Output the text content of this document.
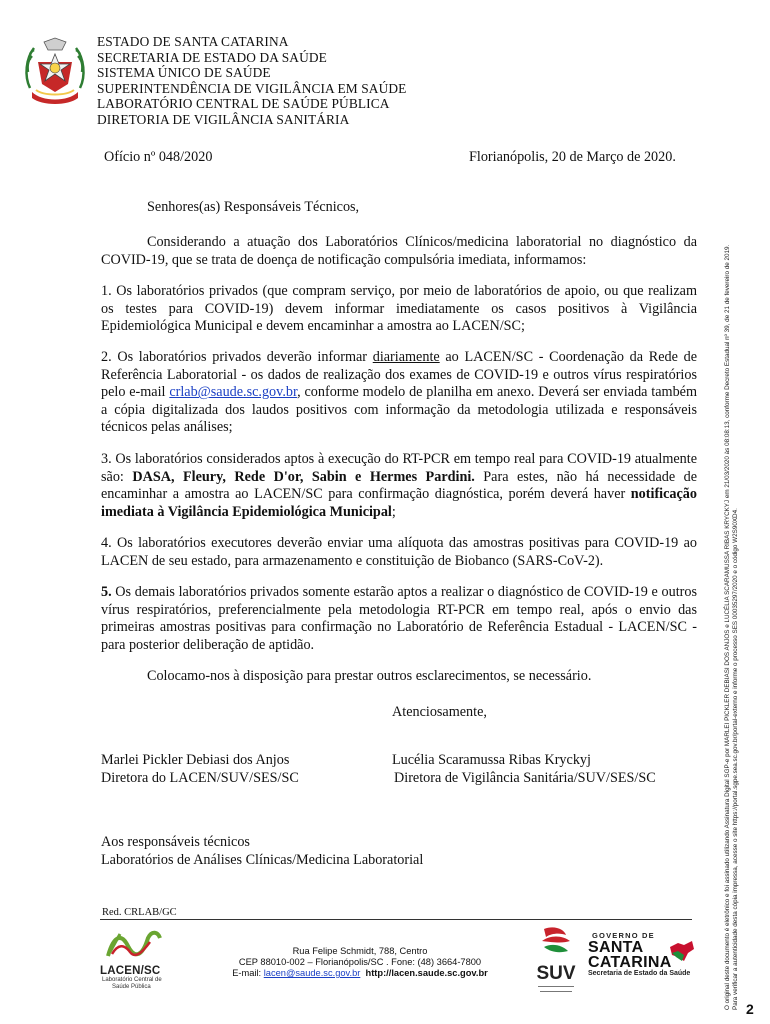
ESTADO DE SANTA CATARINA
SECRETARIA DE ESTADO DA SAÚDE
SISTEMA ÚNICO DE SAÚDE
SUPERINTENDÊNCIA DE VIGILÂNCIA EM SAÚDE
LABORATÓRIO CENTRAL DE SAÚDE PÚBLICA
DIRETORIA DE VIGILÂNCIA SANITÁRIA
Ofício nº 048/2020	Florianópolis, 20 de Março de 2020.
Senhores(as) Responsáveis Técnicos,
Considerando a atuação dos Laboratórios Clínicos/medicina laboratorial no diagnóstico da COVID-19, que se trata de doença de notificação compulsória imediata, informamos:
1. Os laboratórios privados (que compram serviço, por meio de laboratórios de apoio, ou que realizam os testes para COVID-19) devem informar imediatamente os casos positivos à Vigilância Epidemiológica Municipal e devem encaminhar a amostra ao LACEN/SC;
2. Os laboratórios privados deverão informar diariamente ao LACEN/SC - Coordenação da Rede de Referência Laboratorial - os dados de realização dos exames de COVID-19 e outros vírus respiratórios pelo e-mail crlab@saude.sc.gov.br, conforme modelo de planilha em anexo. Deverá ser enviada também a cópia digitalizada dos laudos positivos com informação da metodologia utilizada e responsáveis técnicos pelas análises;
3. Os laboratórios considerados aptos à execução do RT-PCR em tempo real para COVID-19 atualmente são: DASA, Fleury, Rede D'or, Sabin e Hermes Pardini. Para estes, não há necessidade de encaminhar a amostra ao LACEN/SC para confirmação diagnóstica, porém deverá haver notificação imediata à Vigilância Epidemiológica Municipal;
4. Os laboratórios executores deverão enviar uma alíquota das amostras positivas para COVID-19 ao LACEN de seu estado, para armazenamento e constituição de Biobanco (SARS-CoV-2).
5. Os demais laboratórios privados somente estarão aptos a realizar o diagnóstico de COVID-19 e outros vírus respiratórios, preferencialmente pela metodologia RT-PCR em tempo real, após o envio das primeiras amostras positivas para confirmação no Laboratório de Referência Estadual - LACEN/SC - para posterior deliberação de aptidão.
Colocamo-nos à disposição para prestar outros esclarecimentos, se necessário.
Atenciosamente,
Marlei Pickler Debiasi dos Anjos
Diretora do LACEN/SUV/SES/SC
Lucélia Scaramussa Ribas Kryckyj
Diretora de Vigilância Sanitária/SUV/SES/SC
Aos responsáveis técnicos
Laboratórios de Análises Clínicas/Medicina Laboratorial
Red. CRLAB/GC
LACEN/SC
Laboratório Central de
Saúde Pública
Rua Felipe Schmidt, 788, Centro
CEP 88010-002 – Florianópolis/SC . Fone: (48) 3664-7800
E-mail: lacen@saude.sc.gov.br http://lacen.saude.sc.gov.br	SUV
GOVERNO DE
SANTA
CATARINA
Secretaria de Estado da Saúde	O original deste documento é eletrônico e foi assinado utilizando Assinatura Digital SGP-e por MARLEI PICKLER DEBIASI DOS ANJOS e LUCÉLIA SCARAMUSSA RIBAS KRYCKYJ em 21/03/2020 às 08:08:13, conforme Decreto Estadual nº 39, de 21 de fevereiro de 2019. Para verificar a autenticidade desta cópia impressa, acesse o site https://portal.sgpe.sea.sc.gov.br/portal-externo e informe o processo SES 00035297/2020 e o código W2S90XD4. 2
